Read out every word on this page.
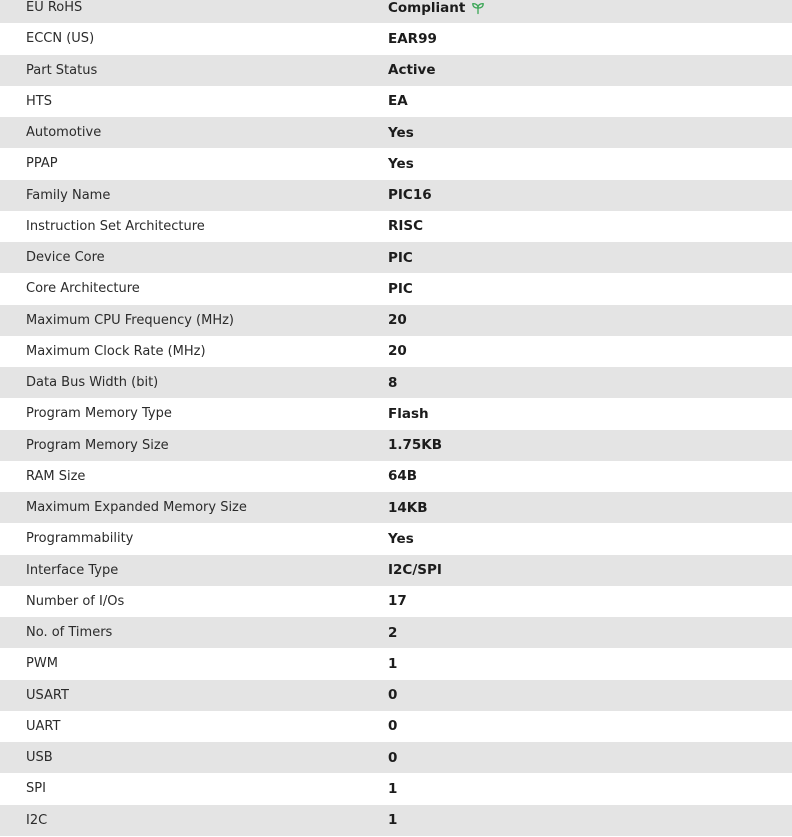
EU RoHS	Compliant
ECCN (US)	EAR99
Part Status	Active
HTS	EA
Automotive	Yes
PPAP	Yes
Family Name	PIC16
Instruction Set Architecture	RISC
Device Core	PIC
Core Architecture	PIC
Maximum CPU Frequency (MHz)	20
Maximum Clock Rate (MHz)	20
Data Bus Width (bit)	8
Program Memory Type	Flash
Program Memory Size	1.75KB
RAM Size	64B
Maximum Expanded Memory Size	14KB
Programmability	Yes
Interface Type	I2C/SPI
Number of I/Os	17
No. of Timers	2
PWM	1
USART	0
UART	0
USB	0
SPI	1
I2C	1
